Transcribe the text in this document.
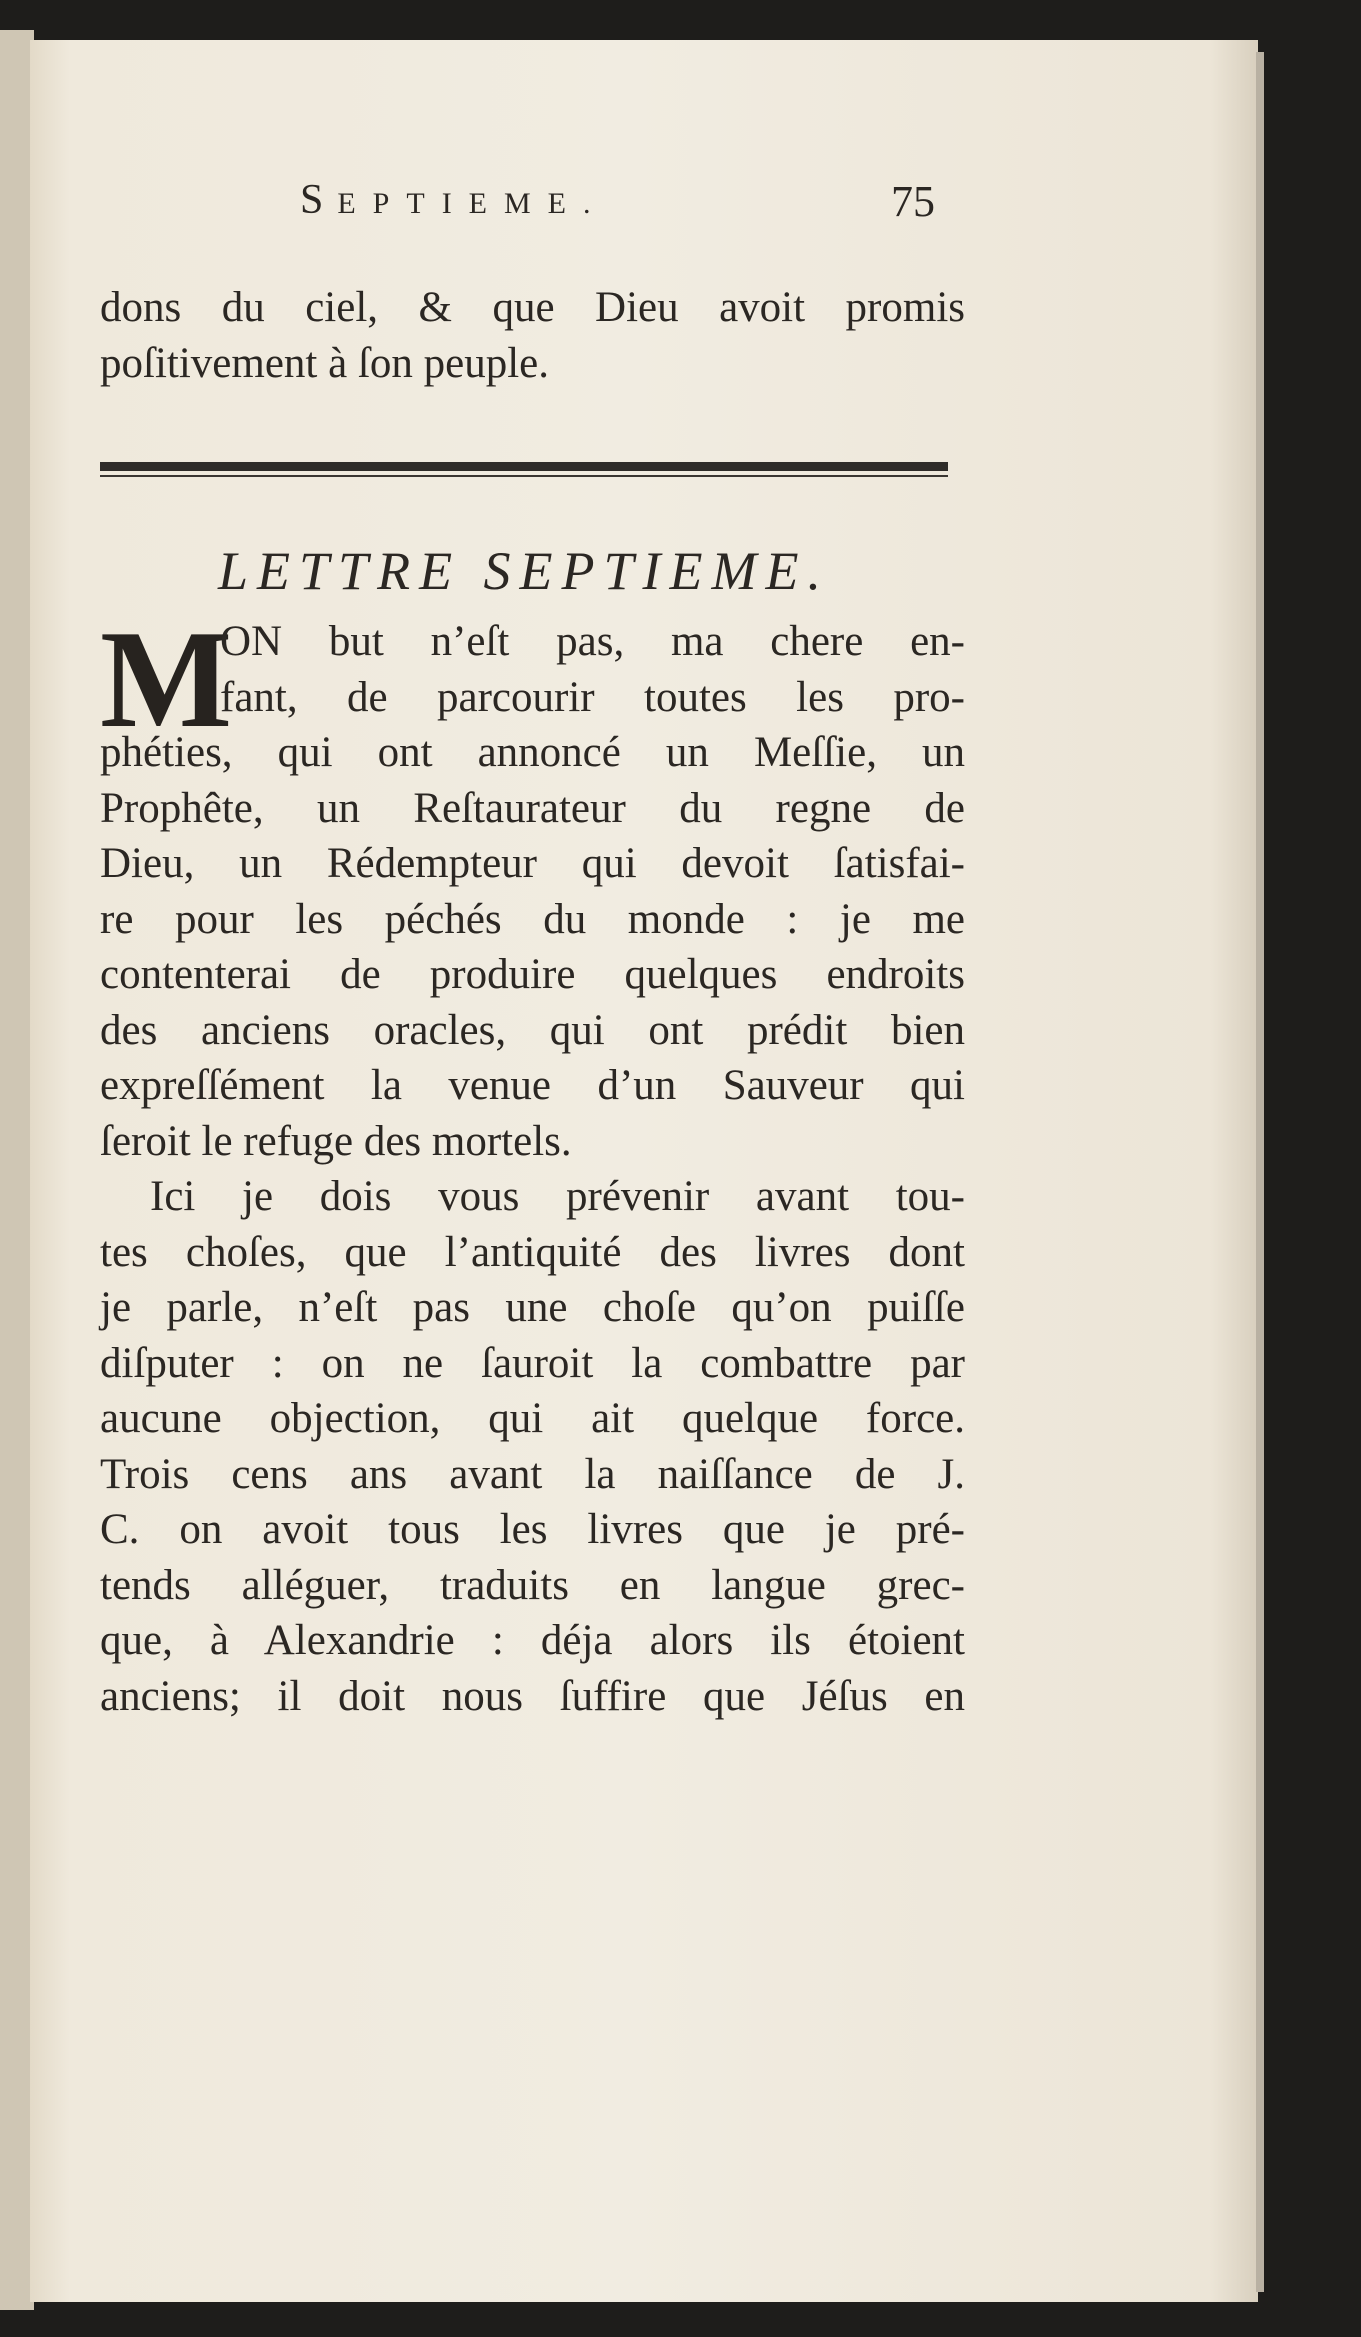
SEPTIEME.	75
dons du ciel, & que Dieu avoit promis
poſitivement à ſon peuple.
LETTRE SEPTIEME.
M
ON but n’eſt pas, ma chere en-
fant, de parcourir toutes les pro-
phéties, qui ont annoncé un Meſſie, un
Prophête, un Reſtaurateur du regne de
Dieu, un Rédempteur qui devoit ſatisfai-
re pour les péchés du monde : je me
contenterai de produire quelques endroits
des anciens oracles, qui ont prédit bien
expreſſément la venue d’un Sauveur qui
ſeroit le refuge des mortels.
Ici je dois vous prévenir avant tou-
tes choſes, que l’antiquité des livres dont
je parle, n’eſt pas une choſe qu’on puiſſe
diſputer : on ne ſauroit la combattre par
aucune objection, qui ait quelque force.
Trois cens ans avant la naiſſance de J.
C. on avoit tous les livres que je pré-
tends alléguer, traduits en langue grec-
que, à Alexandrie : déja alors ils étoient
anciens; il doit nous ſuffire que Jéſus en
